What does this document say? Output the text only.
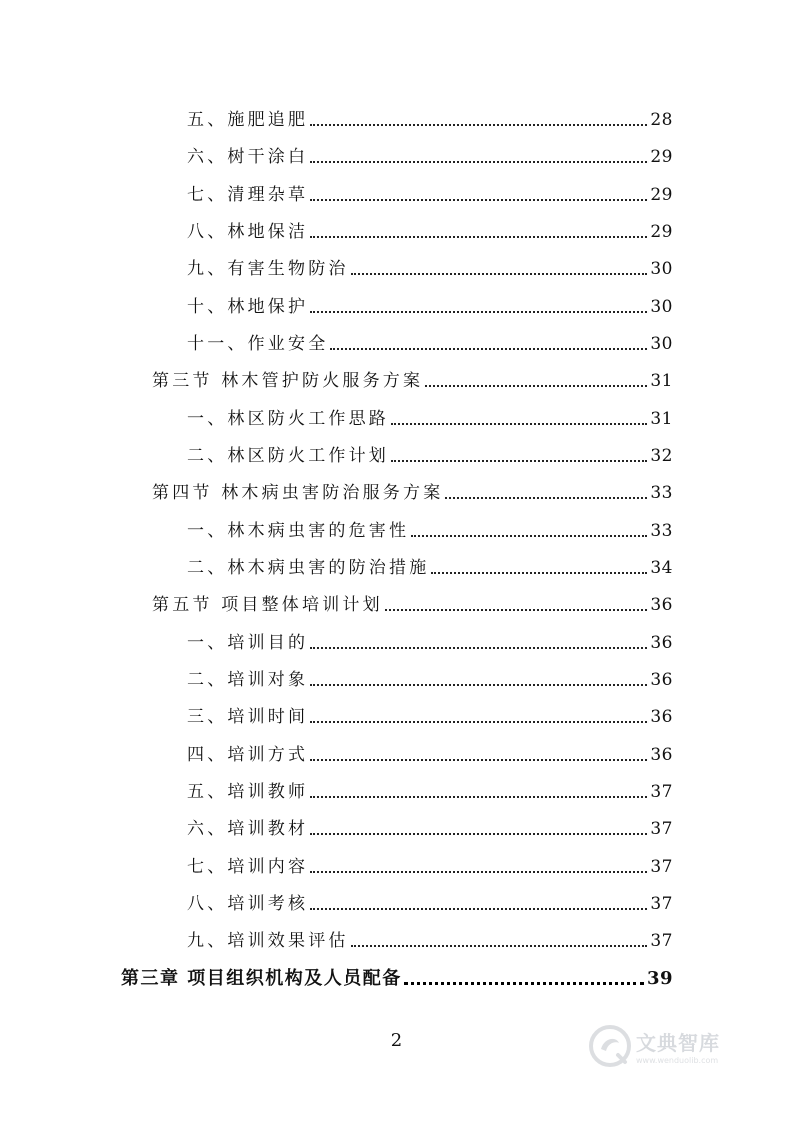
五、施肥追肥	28
六、树干涂白	29
七、清理杂草	29
八、林地保洁	29
九、有害生物防治	30
十、林地保护	30
十一、作业安全	30
第三节 林木管护防火服务方案	31
一、林区防火工作思路	31
二、林区防火工作计划	32
第四节 林木病虫害防治服务方案	33
一、林木病虫害的危害性	33
二、林木病虫害的防治措施	34
第五节 项目整体培训计划	36
一、培训目的	36
二、培训对象	36
三、培训时间	36
四、培训方式	36
五、培训教师	37
六、培训教材	37
七、培训内容	37
八、培训考核	37
九、培训效果评估	37
第三章 项目组织机构及人员配备	39
2	文典智库
www.wenduolib.com
